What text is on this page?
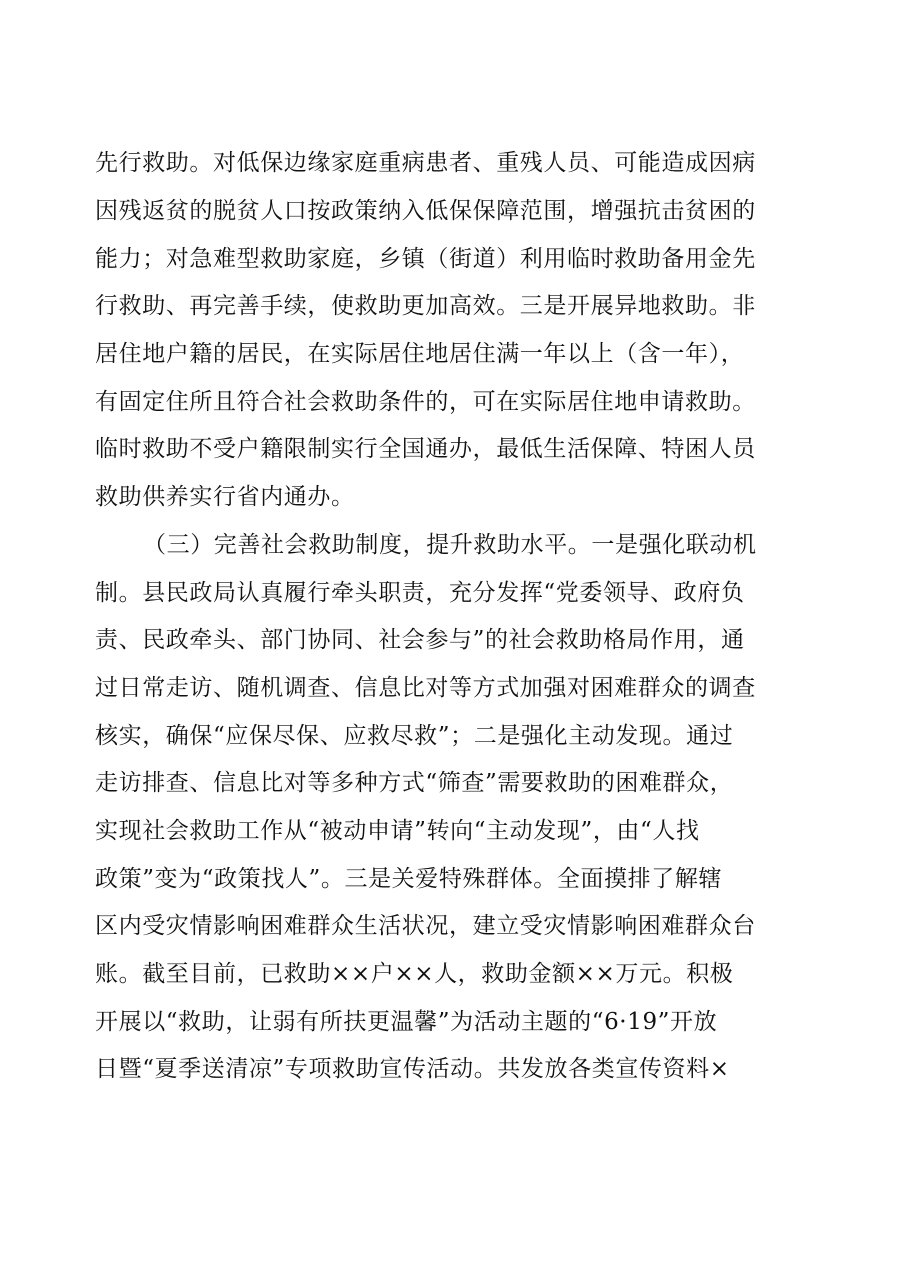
先行救助。对低保边缘家庭重病患者、重残人员、可能造成因病
因残返贫的脱贫人口按政策纳入低保保障范围，增强抗击贫困的
能力；对急难型救助家庭，乡镇（街道）利用临时救助备用金先
行救助、再完善手续，使救助更加高效。三是开展异地救助。非
居住地户籍的居民，在实际居住地居住满一年以上（含一年），
有固定住所且符合社会救助条件的，可在实际居住地申请救助。
临时救助不受户籍限制实行全国通办，最低生活保障、特困人员
救助供养实行省内通办。
（三）完善社会救助制度，提升救助水平。一是强化联动机
制。县民政局认真履行牵头职责，充分发挥“党委领导、政府负
责、民政牵头、部门协同、社会参与”的社会救助格局作用，通
过日常走访、随机调查、信息比对等方式加强对困难群众的调查
核实，确保“应保尽保、应救尽救”；二是强化主动发现。通过
走访排查、信息比对等多种方式“筛查”需要救助的困难群众，
实现社会救助工作从“被动申请”转向“主动发现”，由“人找
政策”变为“政策找人”。三是关爱特殊群体。全面摸排了解辖
区内受灾情影响困难群众生活状况，建立受灾情影响困难群众台
账。截至目前，已救助××户××人，救助金额××万元。积极
开展以“救助，让弱有所扶更温馨”为活动主题的“6·19”开放
日暨“夏季送清凉”专项救助宣传活动。共发放各类宣传资料×
